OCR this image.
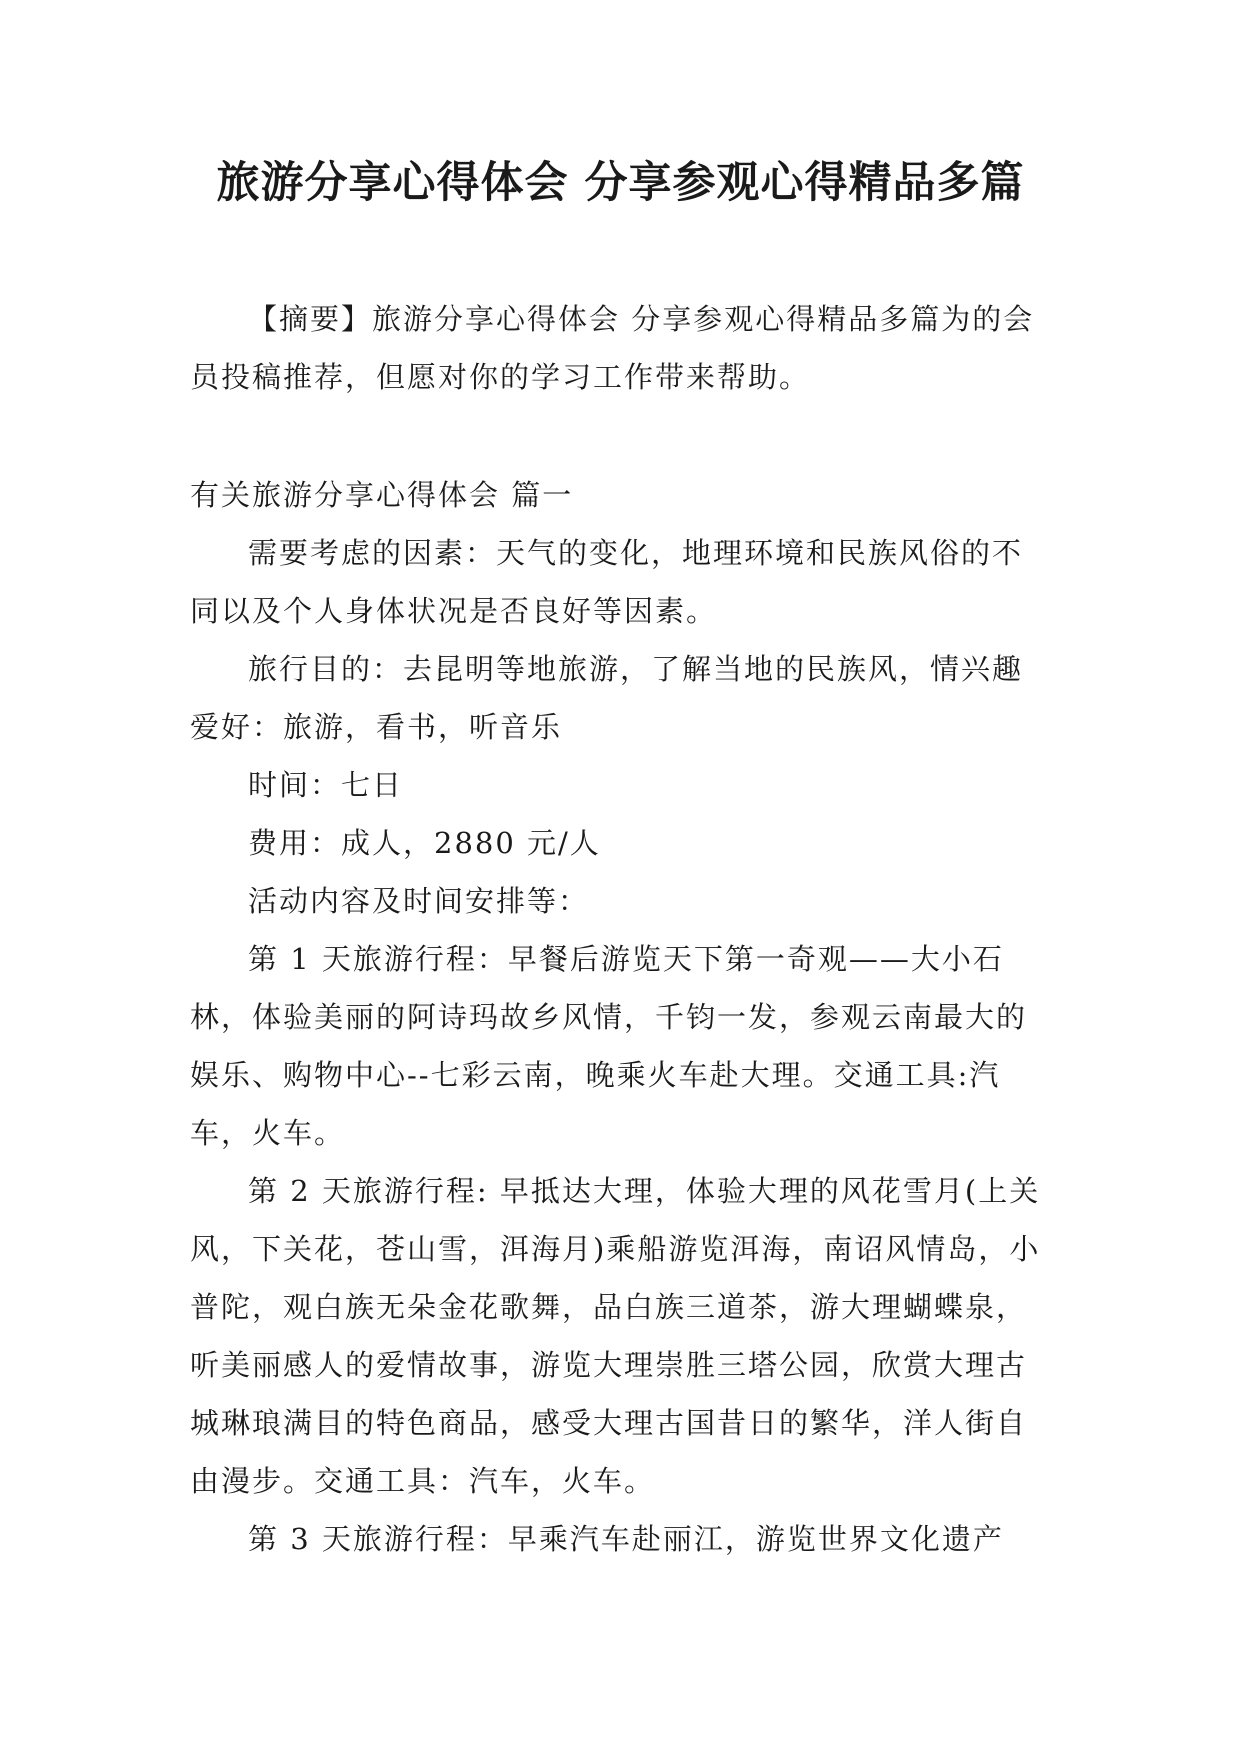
旅游分享心得体会 分享参观心得精品多篇

【摘要】旅游分享心得体会 分享参观心得精品多篇为的会员投稿推荐，但愿对你的学习工作带来帮助。

有关旅游分享心得体会 篇一

需要考虑的因素：天气的变化，地理环境和民族风俗的不同以及个人身体状况是否良好等因素。

旅行目的：去昆明等地旅游，了解当地的民族风，情兴趣爱好：旅游，看书，听音乐

时间：七日

费用：成人，2880 元/人

活动内容及时间安排等：

第 1 天旅游行程：早餐后游览天下第一奇观——大小石林，体验美丽的阿诗玛故乡风情，千钧一发，参观云南最大的娱乐、购物中心--七彩云南，晚乘火车赴大理。交通工具:汽车，火车。

第 2 天旅游行程: 早抵达大理，体验大理的风花雪月(上关风，下关花，苍山雪，洱海月)乘船游览洱海，南诏风情岛，小普陀，观白族无朵金花歌舞，品白族三道茶，游大理蝴蝶泉，听美丽感人的爱情故事，游览大理崇胜三塔公园，欣赏大理古城琳琅满目的特色商品，感受大理古国昔日的繁华，洋人街自由漫步。交通工具：汽车，火车。

第 3 天旅游行程：早乘汽车赴丽江，游览世界文化遗产
